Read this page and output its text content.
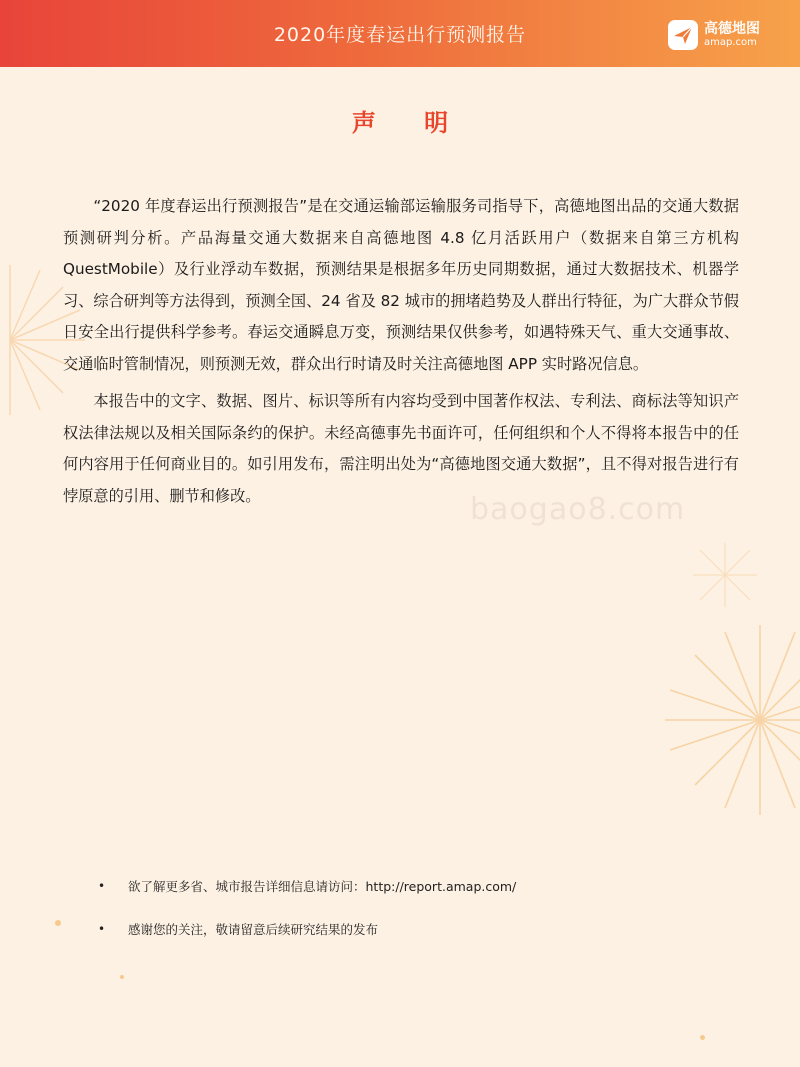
2020年度春运出行预测报告	高德地图
amap.com
声 明

“2020 年度春运出行预测报告”是在交通运输部运输服务司指导下，高德地图出品的交通大数据预测研判分析。产品海量交通大数据来自高德地图 4.8 亿月活跃用户（数据来自第三方机构 QuestMobile）及行业浮动车数据，预测结果是根据多年历史同期数据，通过大数据技术、机器学习、综合研判等方法得到，预测全国、24 省及 82 城市的拥堵趋势及人群出行特征，为广大群众节假日安全出行提供科学参考。春运交通瞬息万变，预测结果仅供参考，如遇特殊天气、重大交通事故、交通临时管制情况，则预测无效，群众出行时请及时关注高德地图 APP 实时路况信息。

本报告中的文字、数据、图片、标识等所有内容均受到中国著作权法、专利法、商标法等知识产权法律法规以及相关国际条约的保护。未经高德事先书面许可，任何组织和个人不得将本报告中的任何内容用于任何商业目的。如引用发布，需注明出处为“高德地图交通大数据”，且不得对报告进行有悖原意的引用、删节和修改。

•	欲了解更多省、城市报告详细信息请访问：http://report.amap.com/
•	感谢您的关注，敬请留意后续研究结果的发布
baogao8.com
